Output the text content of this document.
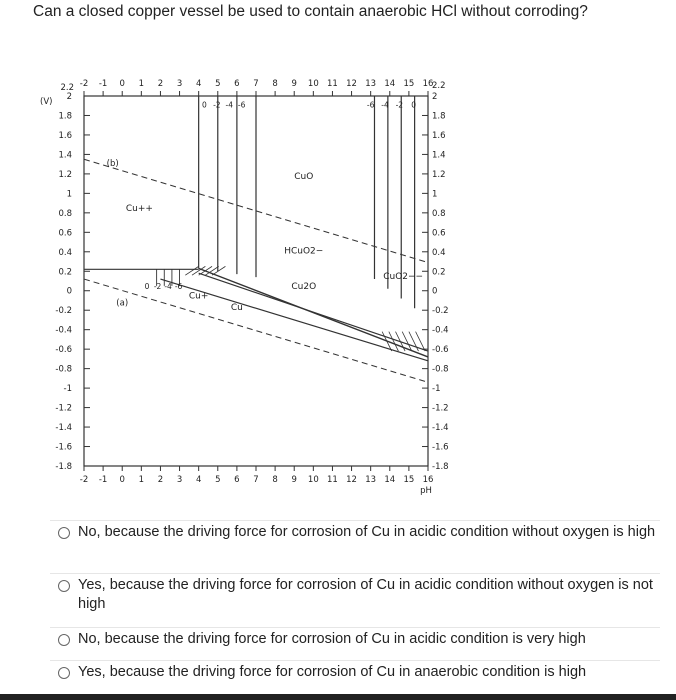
Can a closed copper vessel be used to contain anaerobic HCl without corroding?
-2
-2
-1
-1
0
0
1
1
2
2
3
3
4
4
5
5
6
6
7
7
8
8
9
9
10
10
11
11
12
12
13
13
14
14
15
15
16
16
2.2
2
1.8
1.6
1.4
1.2
1
0.8
0.6
0.4
0.2
0
-0.2
-0.4
-0.6
-0.8
-1
-1.2
-1.4
-1.6
-1.8
2.2
2
1.8
1.6
1.4
1.2
1
0.8
0.6
0.4
0.2
0
-0.2
-0.4
-0.6
-0.8
-1
-1.2
-1.4
-1.6
-1.8
(V)
pH
(b)
(a)
0 -2 -4 -6	-6 -4 -2 0
0 -2 -4 -6
Cu++
Cu+
Cu
CuO
HCuO2−
Cu2O
CuO2−−
No, because the driving force for corrosion of Cu in acidic condition without oxygen is high
Yes, because the driving force for corrosion of Cu in acidic condition without oxygen is not high
No, because the driving force for corrosion of Cu in acidic condition is very high
Yes, because the driving force for corrosion of Cu in anaerobic condition is high
